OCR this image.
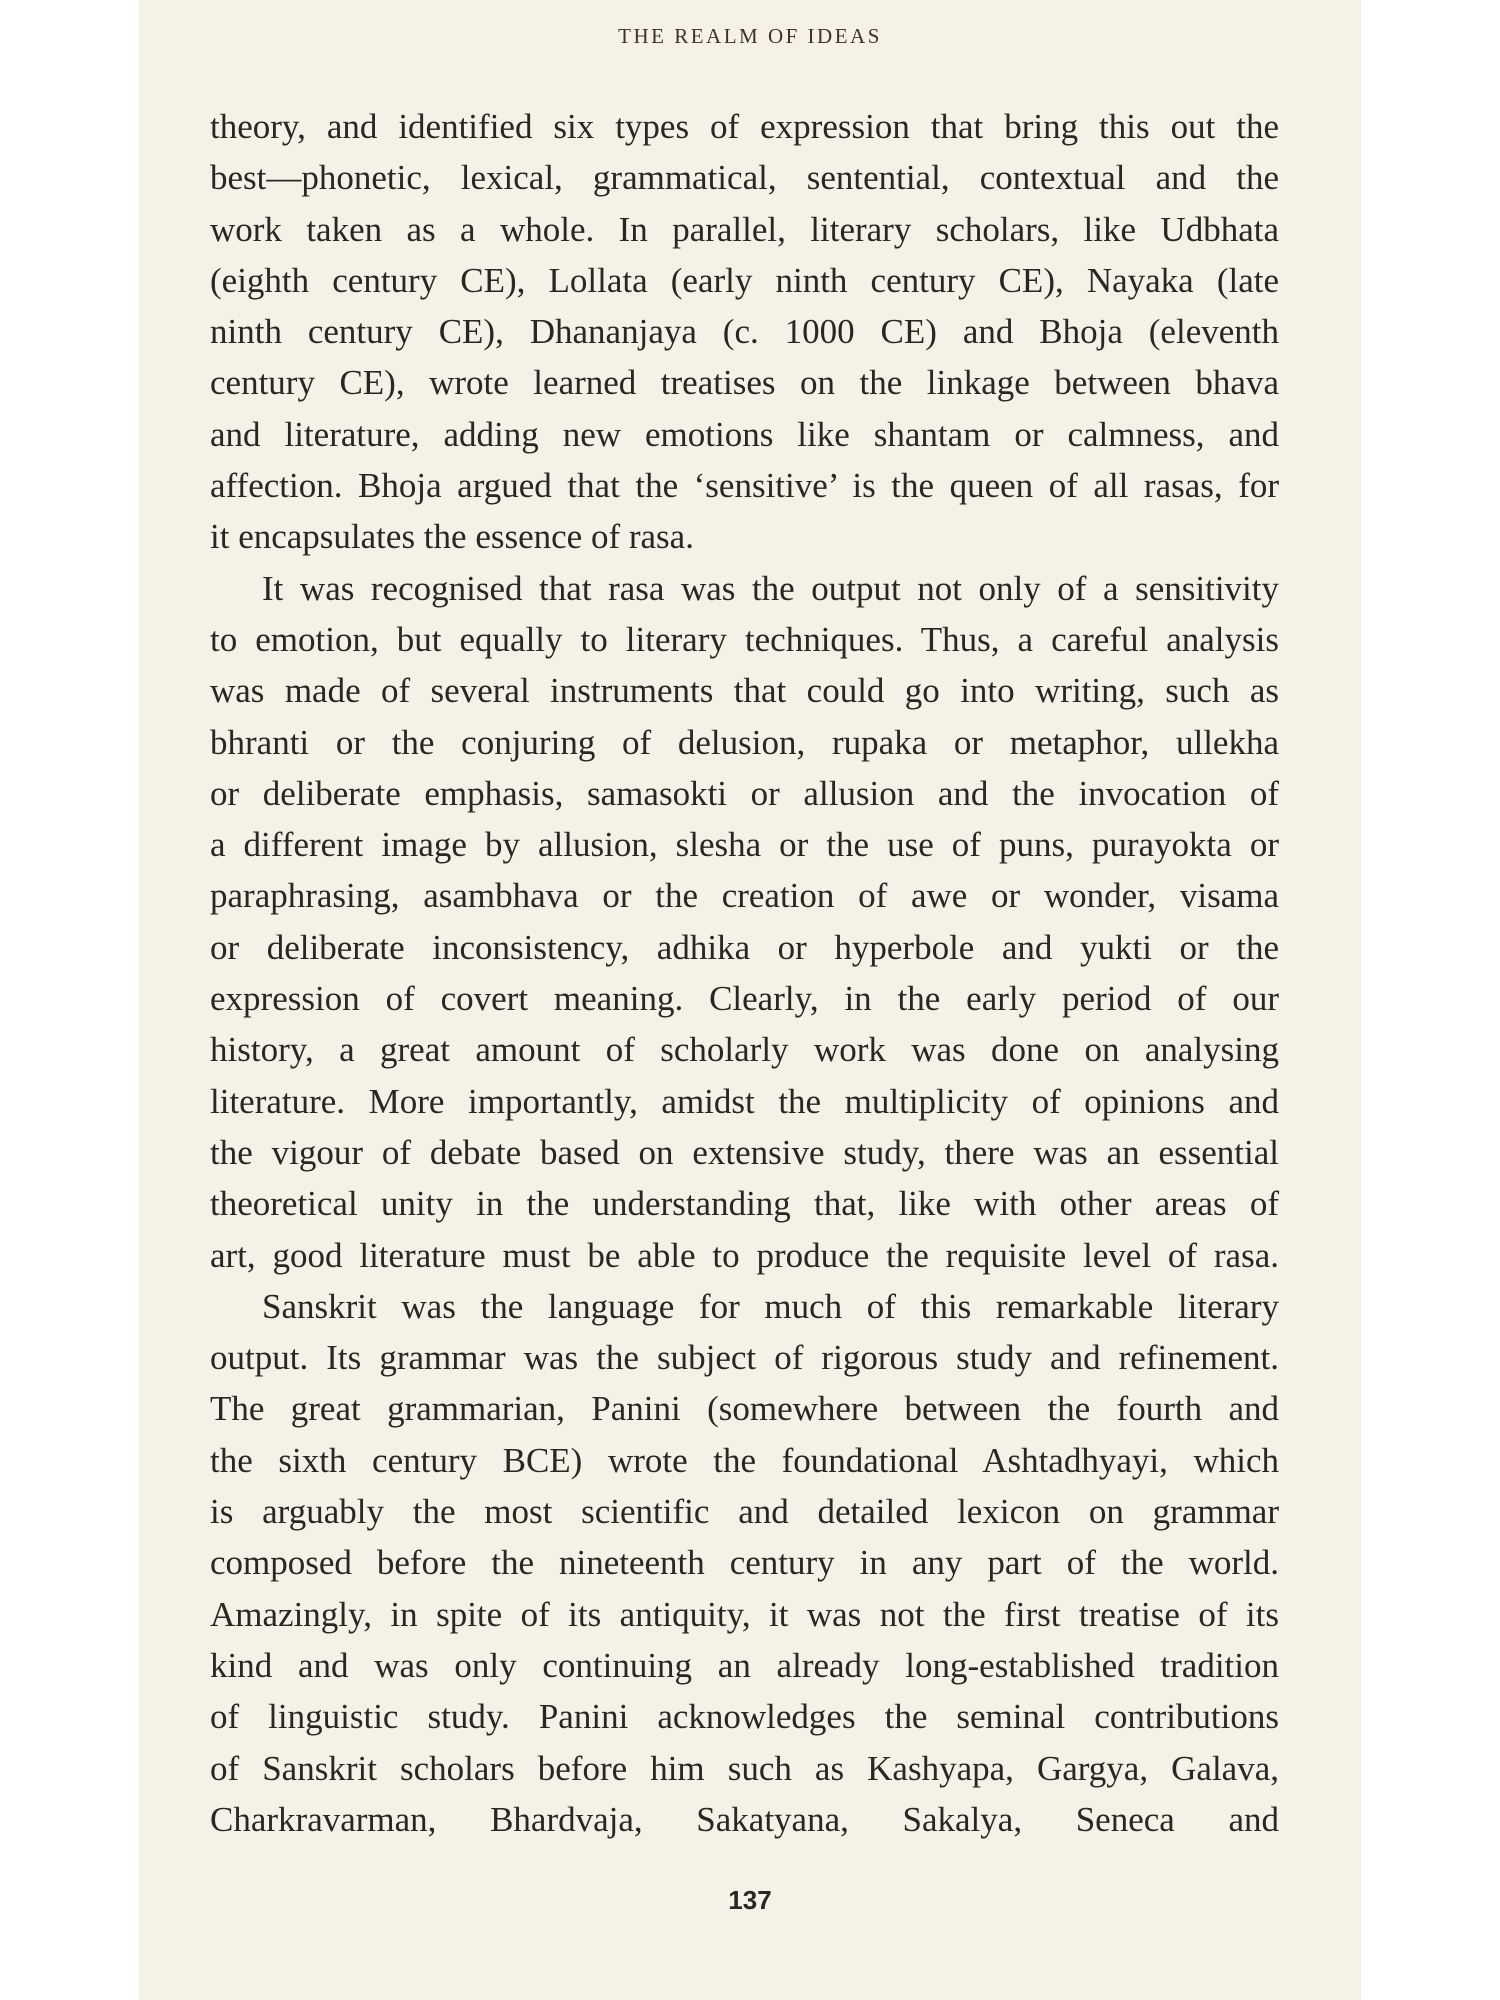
THE REALM OF IDEAS
theory, and identified six types of expression that bring this out the
best—phonetic, lexical, grammatical, sentential, contextual and the
work taken as a whole. In parallel, literary scholars, like Udbhata
(eighth century CE), Lollata (early ninth century CE), Nayaka (late
ninth century CE), Dhananjaya (c. 1000 CE) and Bhoja (eleventh
century CE), wrote learned treatises on the linkage between bhava
and literature, adding new emotions like shantam or calmness, and
affection. Bhoja argued that the ‘sensitive’ is the queen of all rasas, for
it encapsulates the essence of rasa.
It was recognised that rasa was the output not only of a sensitivity
to emotion, but equally to literary techniques. Thus, a careful analysis
was made of several instruments that could go into writing, such as
bhranti or the conjuring of delusion, rupaka or metaphor, ullekha
or deliberate emphasis, samasokti or allusion and the invocation of
a different image by allusion, slesha or the use of puns, purayokta or
paraphrasing, asambhava or the creation of awe or wonder, visama
or deliberate inconsistency, adhika or hyperbole and yukti or the
expression of covert meaning. Clearly, in the early period of our
history, a great amount of scholarly work was done on analysing
literature. More importantly, amidst the multiplicity of opinions and
the vigour of debate based on extensive study, there was an essential
theoretical unity in the understanding that, like with other areas of
art, good literature must be able to produce the requisite level of rasa.
Sanskrit was the language for much of this remarkable literary
output. Its grammar was the subject of rigorous study and refinement.
The great grammarian, Panini (somewhere between the fourth and
the sixth century BCE) wrote the foundational Ashtadhyayi, which
is arguably the most scientific and detailed lexicon on grammar
composed before the nineteenth century in any part of the world.
Amazingly, in spite of its antiquity, it was not the first treatise of its
kind and was only continuing an already long-established tradition
of linguistic study. Panini acknowledges the seminal contributions
of Sanskrit scholars before him such as Kashyapa, Gargya, Galava,
Charkravarman, Bhardvaja, Sakatyana, Sakalya, Seneca and
137
